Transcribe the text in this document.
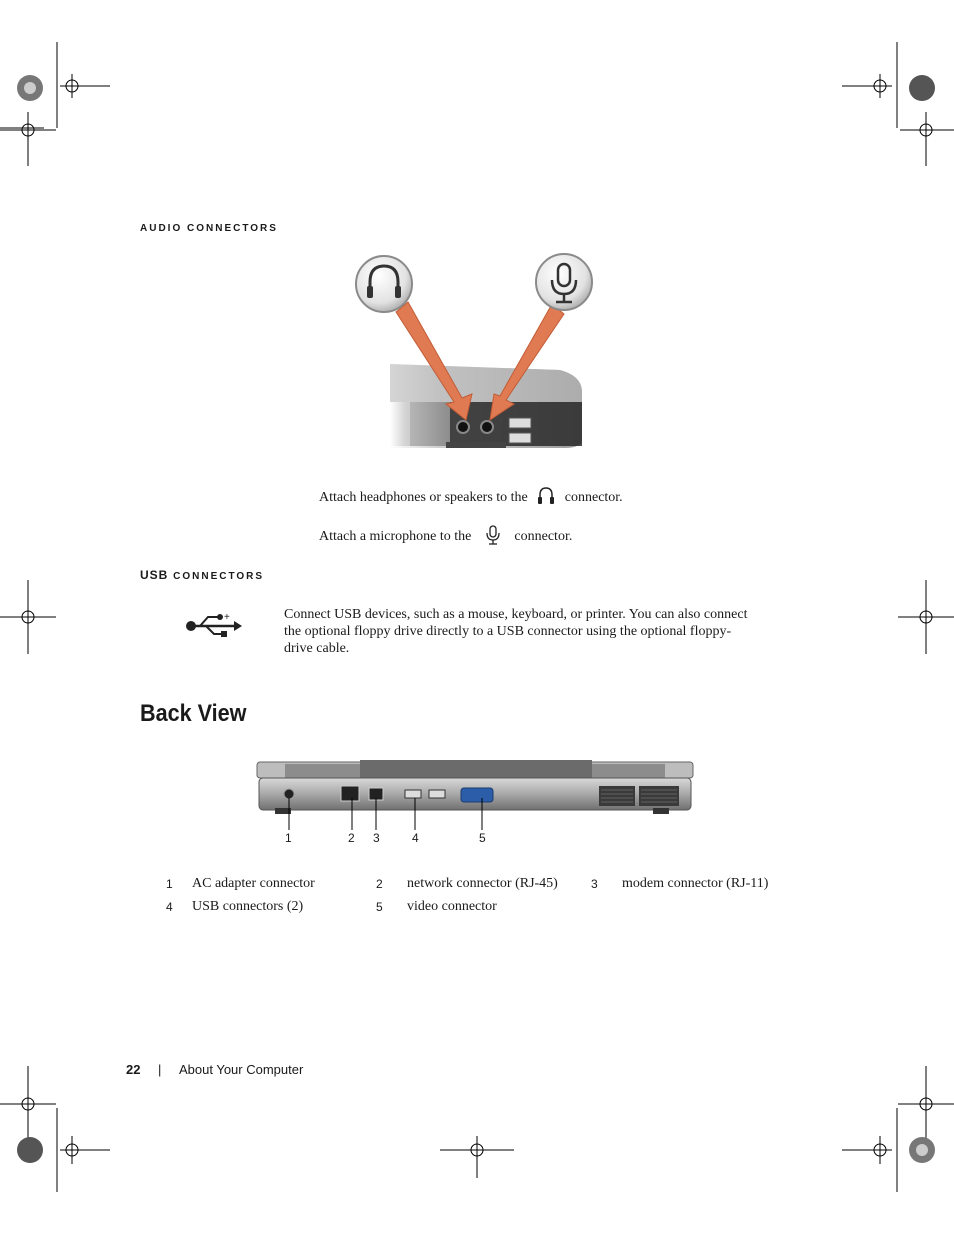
AUDIO CONNECTORS
Attach headphones or speakers to the	connector.
Attach a microphone to the	connector.
USB CONNECTORS
+	Connect USB devices, such as a mouse, keyboard, or printer. You can also connect
the optional floppy drive directly to a USB connector using the optional floppy-
drive cable.
Back View
1	2 3	4	5
1 AC adapter connector	2 network connector (RJ-45)	3 modem connector (RJ-11)
4 USB connectors (2)	5 video connector
22 | About Your Computer
